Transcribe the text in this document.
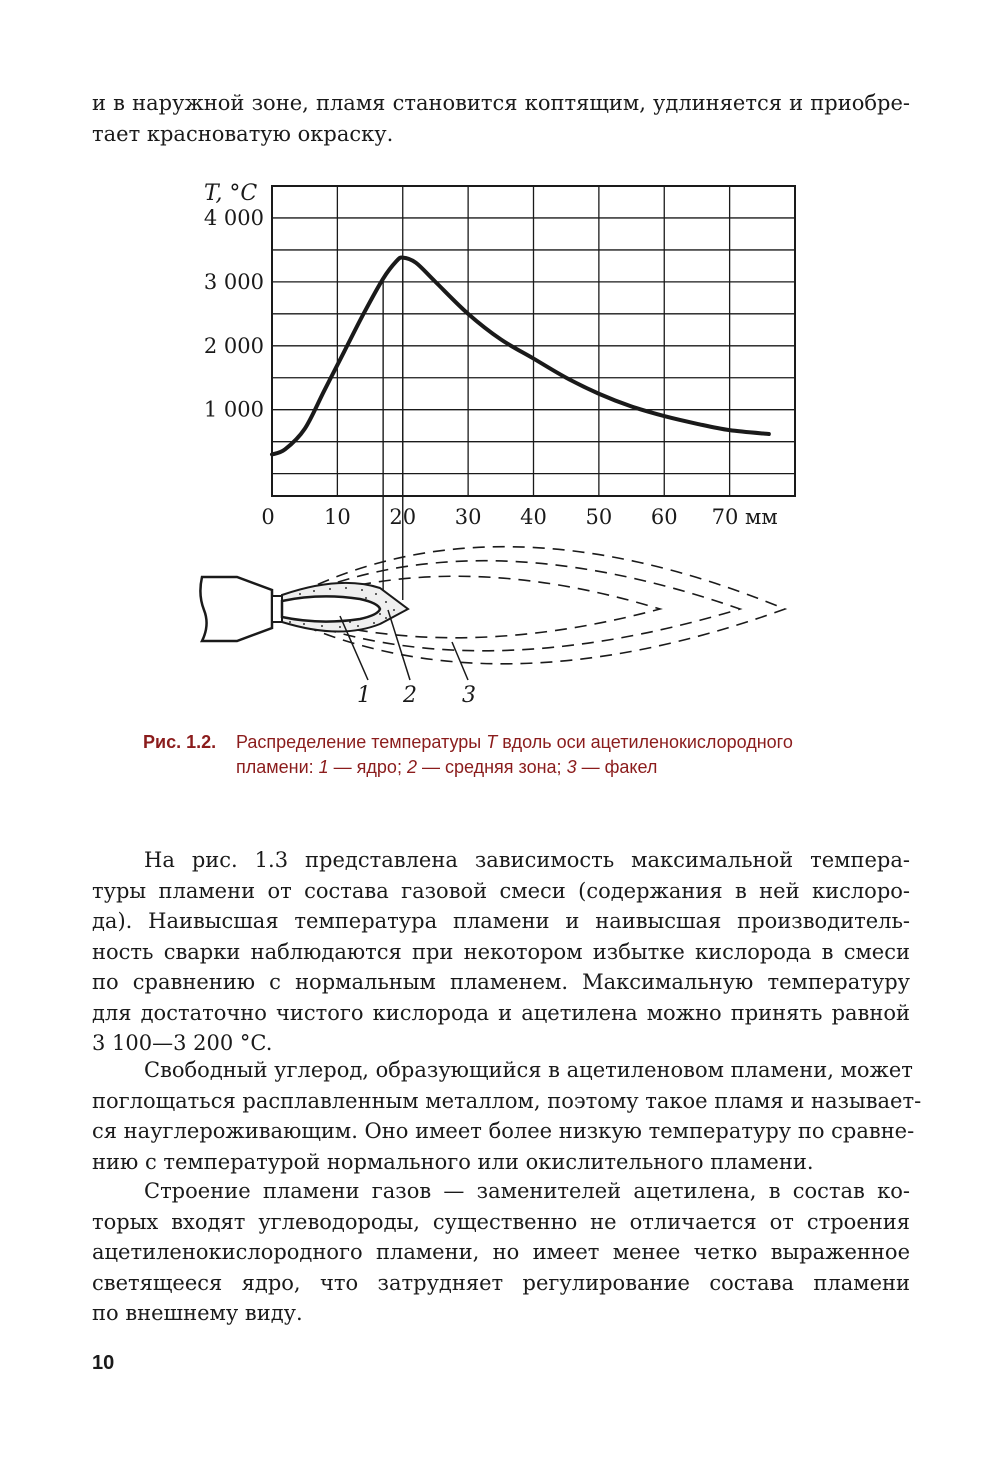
и в наружной зоне, пламя становится коптящим, удлиняется и приобре-
тает красноватую окраску.
0 10 20 30 40 50 60 70 мм
1 000
2 000
3 000
4 000
T, °C
1 2 3
Рис. 1.2. Распределение температуры T вдоль оси ацетиленокислородного
пламени: 1 — ядро; 2 — средняя зона; 3 — факел
На рис. 1.3 представлена зависимость максимальной темпера-
туры пламени от состава газовой смеси (содержания в ней кислоро-
да). Наивысшая температура пламени и наивысшая производитель-
ность сварки наблюдаются при некотором избытке кислорода в смеси
по сравнению с нормальным пламенем. Максимальную температуру
для достаточно чистого кислорода и ацетилена можно принять равной
3 100—3 200 °C.
Свободный углерод, образующийся в ацетиленовом пламени, может
поглощаться расплавленным металлом, поэтому такое пламя и называет-
ся науглероживающим. Оно имеет более низкую температуру по сравне-
нию с температурой нормального или окислительного пламени.
Строение пламени газов — заменителей ацетилена, в состав ко-
торых входят углеводороды, существенно не отличается от строения
ацетиленокислородного пламени, но имеет менее четко выраженное
светящееся ядро, что затрудняет регулирование состава пламени
по внешнему виду.
10
